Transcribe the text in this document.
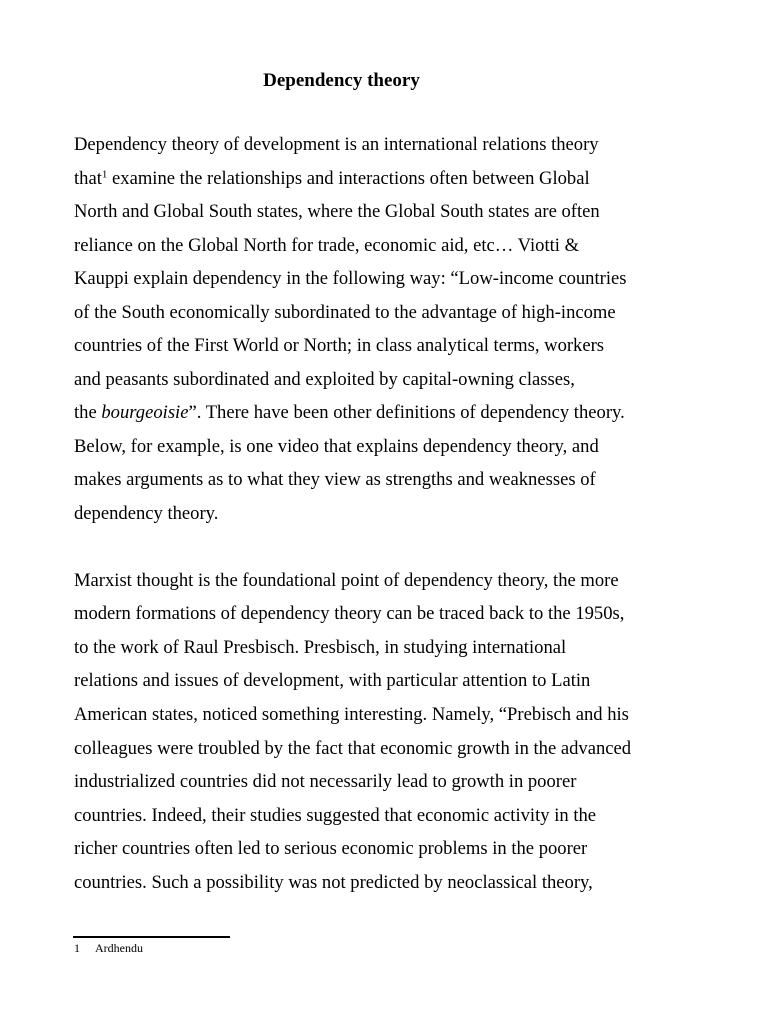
Dependency theory

Dependency theory of development is an international relations theory

that$^1$ examine the relationships and interactions often between Global

North and Global South states, where the Global South states are often

reliance on the Global North for trade, economic aid, etc… Viotti &

Kauppi explain dependency in the following way: “Low-income countries

of the South economically subordinated to the advantage of high-income

countries of the First World or North; in class analytical terms, workers

and peasants subordinated and exploited by capital-owning classes,

the bourgeoisie”. There have been other definitions of dependency theory.

Below, for example, is one video that explains dependency theory, and

makes arguments as to what they view as strengths and weaknesses of

dependency theory.

Marxist thought is the foundational point of dependency theory, the more

modern formations of dependency theory can be traced back to the 1950s,

to the work of Raul Presbisch. Presbisch, in studying international

relations and issues of development, with particular attention to Latin

American states, noticed something interesting. Namely, “Prebisch and his

colleagues were troubled by the fact that economic growth in the advanced

industrialized countries did not necessarily lead to growth in poorer

countries. Indeed, their studies suggested that economic activity in the

richer countries often led to serious economic problems in the poorer

countries. Such a possibility was not predicted by neoclassical theory,

1 Ardhendu
